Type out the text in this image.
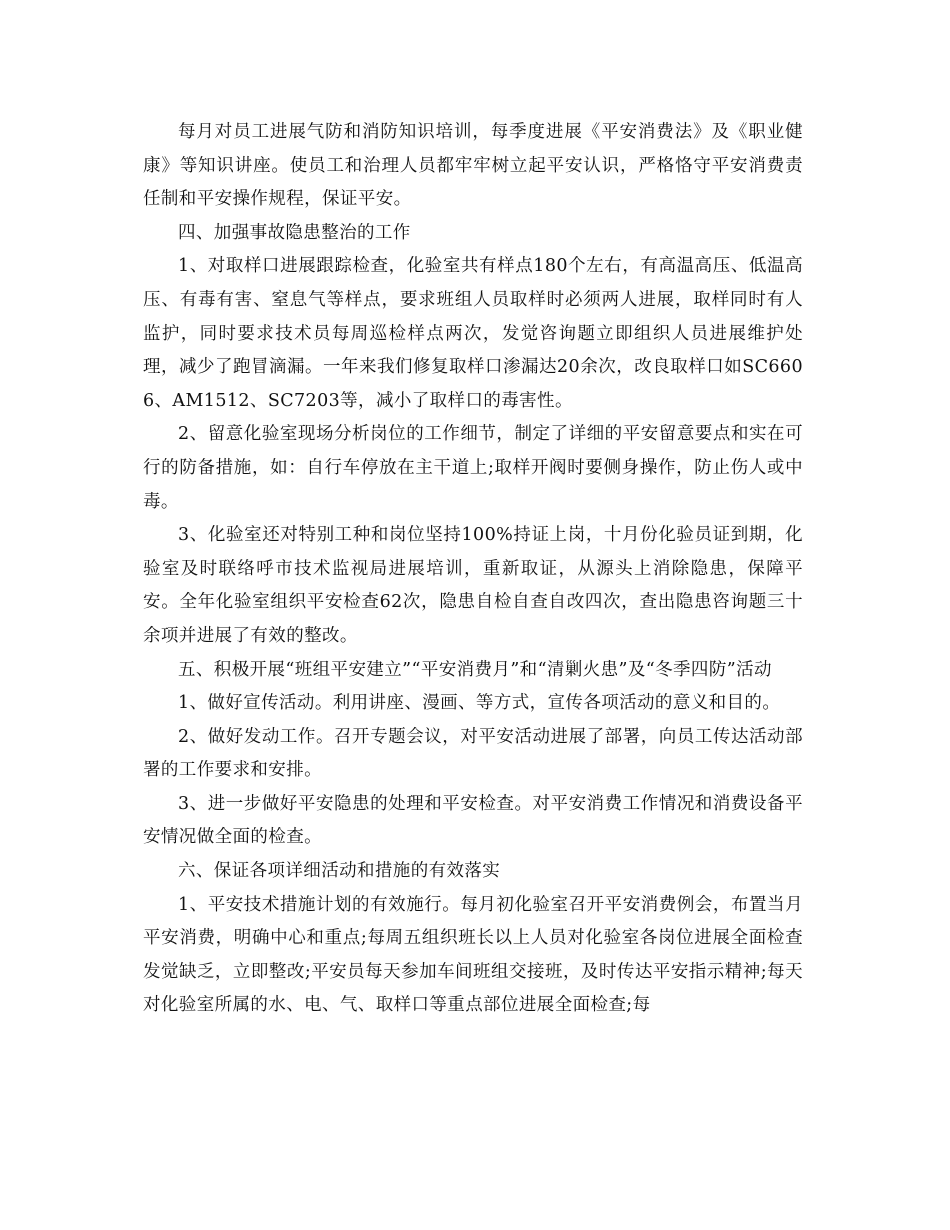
每月对员工进展气防和消防知识培训，每季度进展《平安消费法》及《职业健康》等知识讲座。使员工和治理人员都牢牢树立起平安认识，严格恪守平安消费责任制和平安操作规程，保证平安。

四、加强事故隐患整治的工作

1、对取样口进展跟踪检查，化验室共有样点180个左右，有高温高压、低温高压、有毒有害、窒息气等样点，要求班组人员取样时必须两人进展，取样同时有人监护，同时要求技术员每周巡检样点两次，发觉咨询题立即组织人员进展维护处理，减少了跑冒滴漏。一年来我们修复取样口渗漏达20余次，改良取样口如SC6606、AM1512、SC7203等，减小了取样口的毒害性。

2、留意化验室现场分析岗位的工作细节，制定了详细的平安留意要点和实在可行的防备措施，如：自行车停放在主干道上;取样开阀时要侧身操作，防止伤人或中毒。

3、化验室还对特别工种和岗位坚持100%持证上岗，十月份化验员证到期，化验室及时联络呼市技术监视局进展培训，重新取证，从源头上消除隐患，保障平安。全年化验室组织平安检查62次，隐患自检自查自改四次，查出隐患咨询题三十余项并进展了有效的整改。

五、积极开展“班组平安建立”“平安消费月”和“清剿火患”及“冬季四防”活动

1、做好宣传活动。利用讲座、漫画、等方式，宣传各项活动的意义和目的。

2、做好发动工作。召开专题会议，对平安活动进展了部署，向员工传达活动部署的工作要求和安排。

3、进一步做好平安隐患的处理和平安检查。对平安消费工作情况和消费设备平安情况做全面的检查。

六、保证各项详细活动和措施的有效落实

1、平安技术措施计划的有效施行。每月初化验室召开平安消费例会，布置当月平安消费，明确中心和重点;每周五组织班长以上人员对化验室各岗位进展全面检查发觉缺乏，立即整改;平安员每天参加车间班组交接班，及时传达平安指示精神;每天对化验室所属的水、电、气、取样口等重点部位进展全面检查;每
